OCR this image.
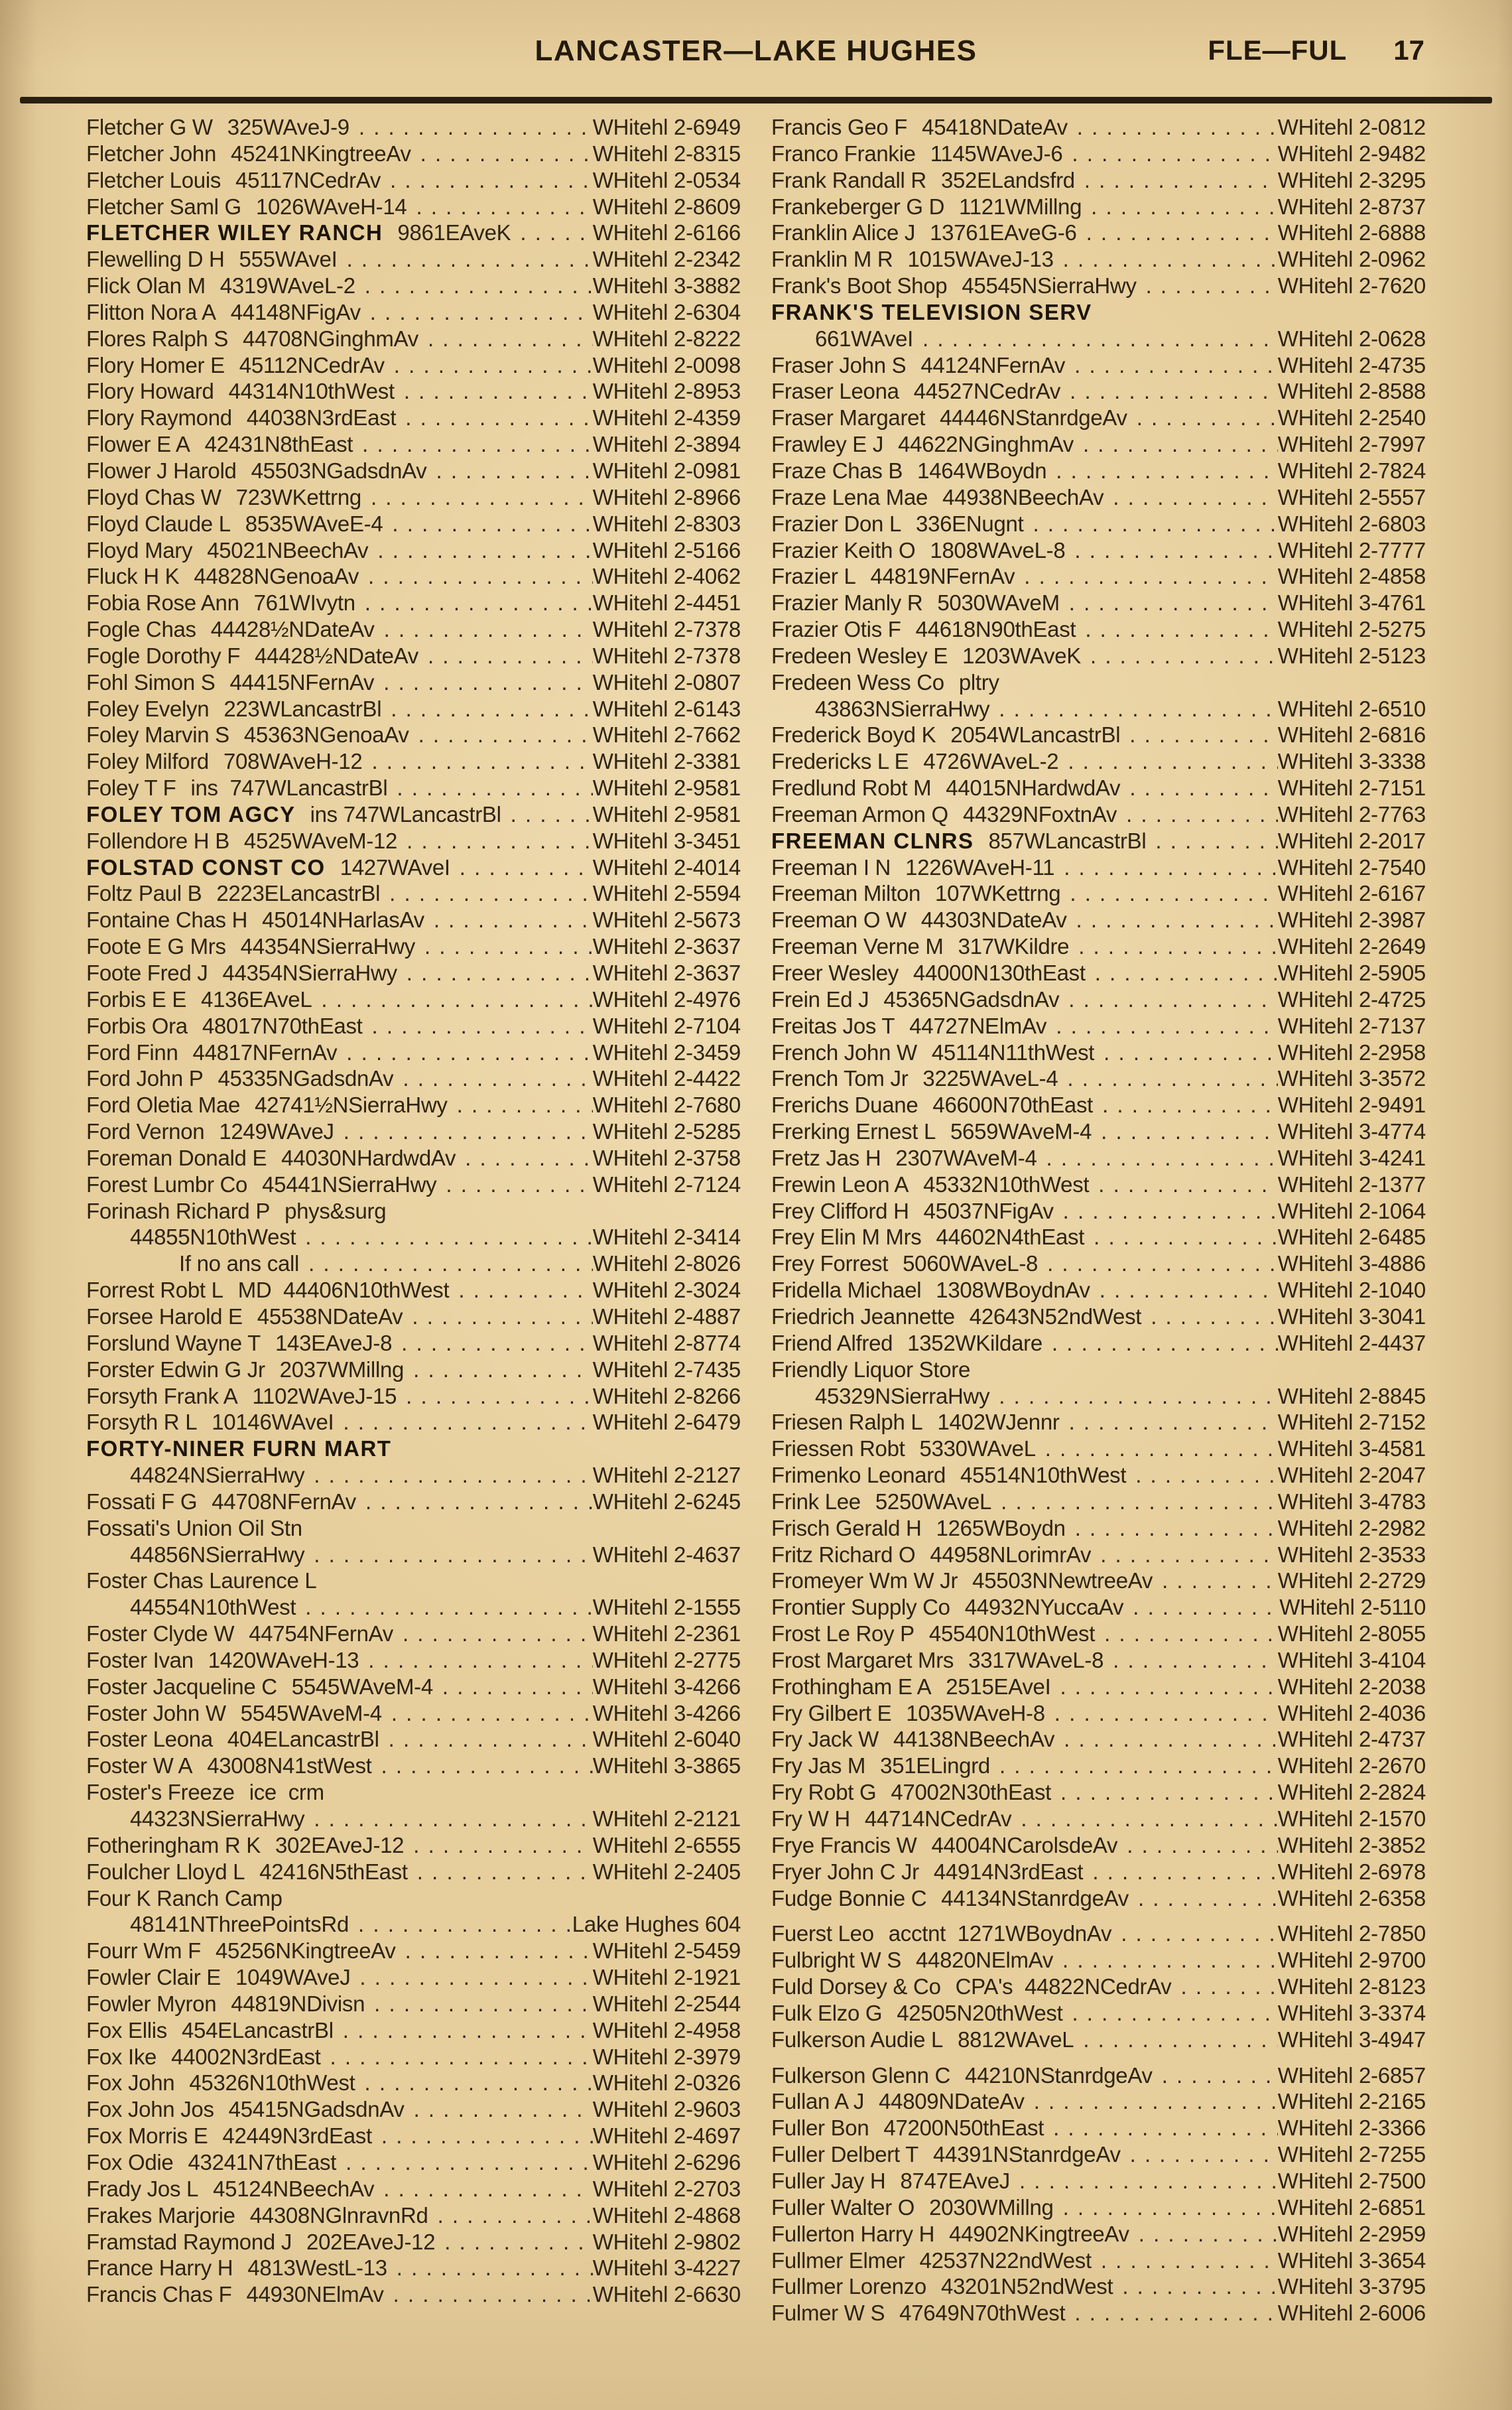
LANCASTER—LAKE HUGHES	FLE—FUL 17
Fletcher G W 325WAveJ-9 . . .	WHitehl 2-6949
Fletcher John 45241NKingtreeAv . . .	WHitehl 2-8315
Fletcher Louis 45117NCedrAv . . .	WHitehl 2-0534
Fletcher Saml G 1026WAveH-14 . . .	WHitehl 2-8609
FLETCHER WILEY RANCH 9861EAveK . . .	WHitehl 2-6166
Flewelling D H 555WAveI . . .	WHitehl 2-2342
Flick Olan M 4319WAveL-2 . . .	WHitehl 3-3882
Flitton Nora A 44148NFigAv . . .	WHitehl 2-6304
Flores Ralph S 44708NGinghmAv . . .	WHitehl 2-8222
Flory Homer E 45112NCedrAv . . .	WHitehl 2-0098
Flory Howard 44314N10thWest . . .	WHitehl 2-8953
Flory Raymond 44038N3rdEast . . .	WHitehl 2-4359
Flower E A 42431N8thEast . . .	WHitehl 2-3894
Flower J Harold 45503NGadsdnAv . . .	WHitehl 2-0981
Floyd Chas W 723WKettrng . . .	WHitehl 2-8966
Floyd Claude L 8535WAveE-4 . . .	WHitehl 2-8303
Floyd Mary 45021NBeechAv . . .	WHitehl 2-5166
Fluck H K 44828NGenoaAv . . .	WHitehl 2-4062
Fobia Rose Ann 761WIvytn . . .	WHitehl 2-4451
Fogle Chas 44428½NDateAv . . .	WHitehl 2-7378
Fogle Dorothy F 44428½NDateAv . . .	WHitehl 2-7378
Fohl Simon S 44415NFernAv . . .	WHitehl 2-0807
Foley Evelyn 223WLancastrBl . . .	WHitehl 2-6143
Foley Marvin S 45363NGenoaAv . . .	WHitehl 2-7662
Foley Milford 708WAveH-12 . . .	WHitehl 2-3381
Foley T F ins  747WLancastrBl . . .	WHitehl 2-9581
FOLEY TOM AGCY ins 747WLancastrBl . . .	WHitehl 2-9581
Follendore H B 4525WAveM-12 . . .	WHitehl 3-3451
FOLSTAD CONST CO 1427WAveI . . .	WHitehl 2-4014
Foltz Paul B 2223ELancastrBl . . .	WHitehl 2-5594
Fontaine Chas H 45014NHarlasAv . . .	WHitehl 2-5673
Foote E G Mrs 44354NSierraHwy . . .	WHitehl 2-3637
Foote Fred J 44354NSierraHwy . . .	WHitehl 2-3637
Forbis E E 4136EAveL . . .	WHitehl 2-4976
Forbis Ora 48017N70thEast . . .	WHitehl 2-7104
Ford Finn 44817NFernAv . . .	WHitehl 2-3459
Ford John P 45335NGadsdnAv . . .	WHitehl 2-4422
Ford Oletia Mae 42741½NSierraHwy . . .	WHitehl 2-7680
Ford Vernon 1249WAveJ . . .	WHitehl 2-5285
Foreman Donald E 44030NHardwdAv . . .	WHitehl 2-3758
Forest Lumbr Co 45441NSierraHwy . . .	WHitehl 2-7124
Forinash Richard P phys&surg
44855N10thWest . . .	WHitehl 2-3414
If no ans call . . .	WHitehl 2-8026
Forrest Robt L MD  44406N10thWest . . .	WHitehl 2-3024
Forsee Harold E 45538NDateAv . . .	WHitehl 2-4887
Forslund Wayne T 143EAveJ-8 . . .	WHitehl 2-8774
Forster Edwin G Jr 2037WMillng . . .	WHitehl 2-7435
Forsyth Frank A 1102WAveJ-15 . . .	WHitehl 2-8266
Forsyth R L 10146WAveI . . .	WHitehl 2-6479
FORTY-NINER FURN MART
44824NSierraHwy . . .	WHitehl 2-2127
Fossati F G 44708NFernAv . . .	WHitehl 2-6245
Fossati's Union Oil Stn
44856NSierraHwy . . .	WHitehl 2-4637
Foster Chas Laurence L
44554N10thWest . . .	WHitehl 2-1555
Foster Clyde W 44754NFernAv . . .	WHitehl 2-2361
Foster Ivan 1420WAveH-13 . . .	WHitehl 2-2775
Foster Jacqueline C 5545WAveM-4 . . .	WHitehl 3-4266
Foster John W 5545WAveM-4 . . .	WHitehl 3-4266
Foster Leona 404ELancastrBl . . .	WHitehl 2-6040
Foster W A 43008N41stWest . . .	WHitehl 3-3865
Foster's Freeze ice  crm
44323NSierraHwy . . .	WHitehl 2-2121
Fotheringham R K 302EAveJ-12 . . .	WHitehl 2-6555
Foulcher Lloyd L 42416N5thEast . . .	WHitehl 2-2405
Four K Ranch Camp
48141NThreePointsRd . . .	Lake Hughes 604
Fourr Wm F 45256NKingtreeAv . . .	WHitehl 2-5459
Fowler Clair E 1049WAveJ . . .	WHitehl 2-1921
Fowler Myron 44819NDivisn . . .	WHitehl 2-2544
Fox Ellis 454ELancastrBl . . .	WHitehl 2-4958
Fox Ike 44002N3rdEast . . .	WHitehl 2-3979
Fox John 45326N10thWest . . .	WHitehl 2-0326
Fox John Jos 45415NGadsdnAv . . .	WHitehl 2-9603
Fox Morris E 42449N3rdEast . . .	WHitehl 2-4697
Fox Odie 43241N7thEast . . .	WHitehl 2-6296
Frady Jos L 45124NBeechAv . . .	WHitehl 2-2703
Frakes Marjorie 44308NGlnravnRd . . .	WHitehl 2-4868
Framstad Raymond J 202EAveJ-12 . . .	WHitehl 2-9802
France Harry H 4813WestL-13 . . .	WHitehl 3-4227
Francis Chas F 44930NElmAv . . .	WHitehl 2-6630
Francis Geo F 45418NDateAv . . .	WHitehl 2-0812
Franco Frankie 1145WAveJ-6 . . .	WHitehl 2-9482
Frank Randall R 352ELandsfrd . . .	WHitehl 2-3295
Frankeberger G D 1121WMillng . . .	WHitehl 2-8737
Franklin Alice J 13761EAveG-6 . . .	WHitehl 2-6888
Franklin M R 1015WAveJ-13 . . .	WHitehl 2-0962
Frank's Boot Shop 45545NSierraHwy . . .	WHitehl 2-7620
FRANK'S TELEVISION SERV
661WAveI . . .	WHitehl 2-0628
Fraser John S 44124NFernAv . . .	WHitehl 2-4735
Fraser Leona 44527NCedrAv . . .	WHitehl 2-8588
Fraser Margaret 44446NStanrdgeAv . . .	WHitehl 2-2540
Frawley E J 44622NGinghmAv . . .	WHitehl 2-7997
Fraze Chas B 1464WBoydn . . .	WHitehl 2-7824
Fraze Lena Mae 44938NBeechAv . . .	WHitehl 2-5557
Frazier Don L 336ENugnt . . .	WHitehl 2-6803
Frazier Keith O 1808WAveL-8 . . .	WHitehl 2-7777
Frazier L 44819NFernAv . . .	WHitehl 2-4858
Frazier Manly R 5030WAveM . . .	WHitehl 3-4761
Frazier Otis F 44618N90thEast . . .	WHitehl 2-5275
Fredeen Wesley E 1203WAveK . . .	WHitehl 2-5123
Fredeen Wess Co pltry
43863NSierraHwy . . .	WHitehl 2-6510
Frederick Boyd K 2054WLancastrBl . . .	WHitehl 2-6816
Fredericks L E 4726WAveL-2 . . .	WHitehl 3-3338
Fredlund Robt M 44015NHardwdAv . . .	WHitehl 2-7151
Freeman Armon Q 44329NFoxtnAv . . .	WHitehl 2-7763
FREEMAN CLNRS 857WLancastrBl . . .	WHitehl 2-2017
Freeman I N 1226WAveH-11 . . .	WHitehl 2-7540
Freeman Milton 107WKettrng . . .	WHitehl 2-6167
Freeman O W 44303NDateAv . . .	WHitehl 2-3987
Freeman Verne M 317WKildre . . .	WHitehl 2-2649
Freer Wesley 44000N130thEast . . .	WHitehl 2-5905
Frein Ed J 45365NGadsdnAv . . .	WHitehl 2-4725
Freitas Jos T 44727NElmAv . . .	WHitehl 2-7137
French John W 45114N11thWest . . .	WHitehl 2-2958
French Tom Jr 3225WAveL-4 . . .	WHitehl 3-3572
Frerichs Duane 46600N70thEast . . .	WHitehl 2-9491
Frerking Ernest L 5659WAveM-4 . . .	WHitehl 3-4774
Fretz Jas H 2307WAveM-4 . . .	WHitehl 3-4241
Frewin Leon A 45332N10thWest . . .	WHitehl 2-1377
Frey Clifford H 45037NFigAv . . .	WHitehl 2-1064
Frey Elin M Mrs 44602N4thEast . . .	WHitehl 2-6485
Frey Forrest 5060WAveL-8 . . .	WHitehl 3-4886
Fridella Michael 1308WBoydnAv . . .	WHitehl 2-1040
Friedrich Jeannette 42643N52ndWest . . .	WHitehl 3-3041
Friend Alfred 1352WKildare . . .	WHitehl 2-4437
Friendly Liquor Store
45329NSierraHwy . . .	WHitehl 2-8845
Friesen Ralph L 1402WJennr . . .	WHitehl 2-7152
Friessen Robt 5330WAveL . . .	WHitehl 3-4581
Frimenko Leonard 45514N10thWest . . .	WHitehl 2-2047
Frink Lee 5250WAveL . . .	WHitehl 3-4783
Frisch Gerald H 1265WBoydn . . .	WHitehl 2-2982
Fritz Richard O 44958NLorimrAv . . .	WHitehl 2-3533
Fromeyer Wm W Jr 45503NNewtreeAv . . .	WHitehl 2-2729
Frontier Supply Co 44932NYuccaAv . . .	WHitehl 2-5110
Frost Le Roy P 45540N10thWest . . .	WHitehl 2-8055
Frost Margaret Mrs 3317WAveL-8 . . .	WHitehl 3-4104
Frothingham E A 2515EAveI . . .	WHitehl 2-2038
Fry Gilbert E 1035WAveH-8 . . .	WHitehl 2-4036
Fry Jack W 44138NBeechAv . . .	WHitehl 2-4737
Fry Jas M 351ELingrd . . .	WHitehl 2-2670
Fry Robt G 47002N30thEast . . .	WHitehl 2-2824
Fry W H 44714NCedrAv . . .	WHitehl 2-1570
Frye Francis W 44004NCarolsdeAv . . .	WHitehl 2-3852
Fryer John C Jr 44914N3rdEast . . .	WHitehl 2-6978
Fudge Bonnie C 44134NStanrdgeAv . . .	WHitehl 2-6358
Fuerst Leo acctnt  1271WBoydnAv . . .	WHitehl 2-7850
Fulbright W S 44820NElmAv . . .	WHitehl 2-9700
Fuld Dorsey & Co CPA's  44822NCedrAv . . .	WHitehl 2-8123
Fulk Elzo G 42505N20thWest . . .	WHitehl 3-3374
Fulkerson Audie L 8812WAveL . . .	WHitehl 3-4947
Fulkerson Glenn C 44210NStanrdgeAv . . .	WHitehl 2-6857
Fullan A J 44809NDateAv . . .	WHitehl 2-2165
Fuller Bon 47200N50thEast . . .	WHitehl 2-3366
Fuller Delbert T 44391NStanrdgeAv . . .	WHitehl 2-7255
Fuller Jay H 8747EAveJ . . .	WHitehl 2-7500
Fuller Walter O 2030WMillng . . .	WHitehl 2-6851
Fullerton Harry H 44902NKingtreeAv . . .	WHitehl 2-2959
Fullmer Elmer 42537N22ndWest . . .	WHitehl 3-3654
Fullmer Lorenzo 43201N52ndWest . . .	WHitehl 3-3795
Fulmer W S 47649N70thWest . . .	WHitehl 2-6006
